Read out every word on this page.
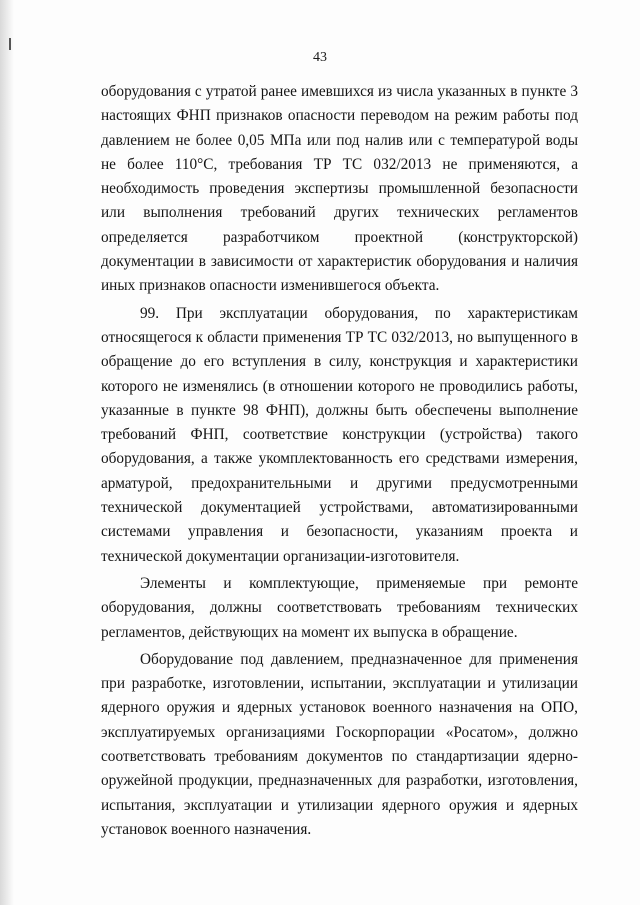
43

оборудования с утратой ранее имевшихся из числа указанных в пункте 3 настоящих ФНП признаков опасности переводом на режим работы под давлением не более 0,05 МПа или под налив или с температурой воды не более 110°С, требования ТР ТС 032/2013 не применяются, а необходимость проведения экспертизы промышленной безопасности или выполнения требований других технических регламентов определяется разработчиком проектной (конструкторской) документации в зависимости от характеристик оборудования и наличия иных признаков опасности изменившегося объекта.

99. При эксплуатации оборудования, по характеристикам относящегося к области применения ТР ТС 032/2013, но выпущенного в обращение до его вступления в силу, конструкция и характеристики которого не изменялись (в отношении которого не проводились работы, указанные в пункте 98 ФНП), должны быть обеспечены выполнение требований ФНП, соответствие конструкции (устройства) такого оборудования, а также укомплектованность его средствами измерения, арматурой, предохранительными и другими предусмотренными технической документацией устройствами, автоматизированными системами управления и безопасности, указаниям проекта и технической документации организации-изготовителя.

Элементы и комплектующие, применяемые при ремонте оборудования, должны соответствовать требованиям технических регламентов, действующих на момент их выпуска в обращение.

Оборудование под давлением, предназначенное для применения при разработке, изготовлении, испытании, эксплуатации и утилизации ядерного оружия и ядерных установок военного назначения на ОПО, эксплуатируемых организациями Госкорпорации «Росатом», должно соответствовать требованиям документов по стандартизации ядерно-оружейной продукции, предназначенных для разработки, изготовления, испытания, эксплуатации и утилизации ядерного оружия и ядерных установок военного назначения.
